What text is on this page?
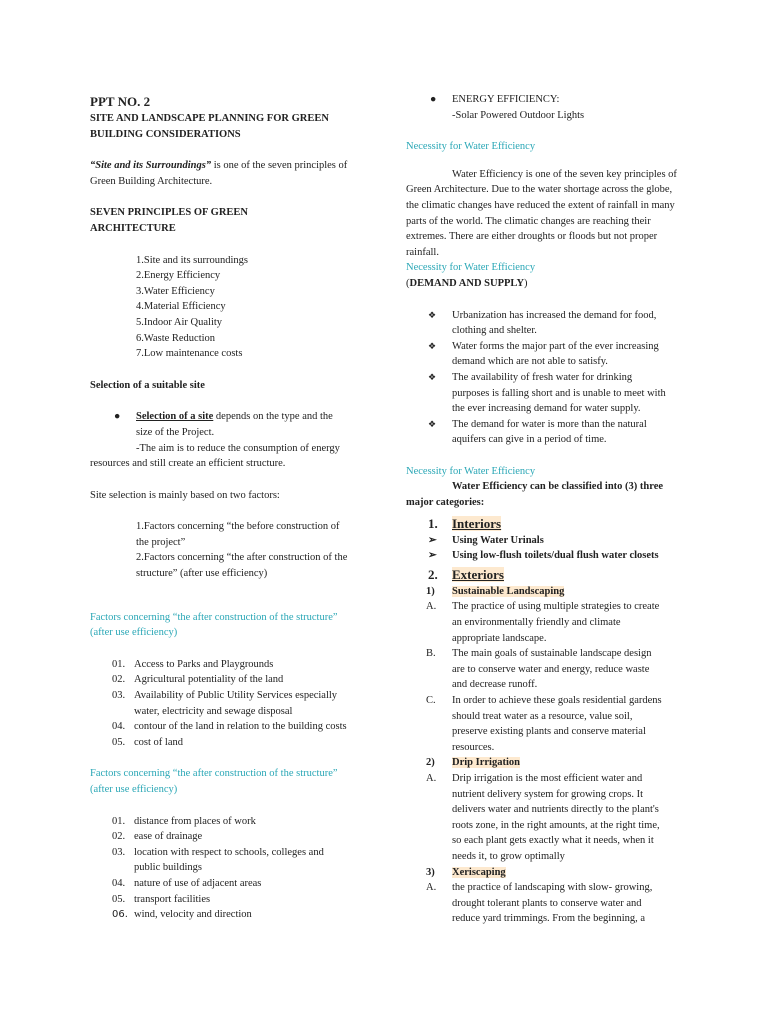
PPT NO. 2

SITE AND LANDSCAPE PLANNING FOR GREEN

BUILDING CONSIDERATIONS

“Site and its Surroundings” is one of the seven principles of

Green Building Architecture.

SEVEN PRINCIPLES OF GREEN

ARCHITECTURE

1.Site and its surroundings
2.Energy Efficiency
3.Water Efficiency
4.Material Efficiency
5.Indoor Air Quality
6.Waste Reduction
7.Low maintenance costs

Selection of a suitable site

● Selection of a site depends on the type and the
size of the Project.
-The aim is to reduce the consumption of energy

resources and still create an efficient structure.

Site selection is mainly based on two factors:

1.Factors concerning “the before construction of
the project”
2.Factors concerning “the after construction of the
structure” (after use efficiency)

Factors concerning “the after construction of the structure”

(after use efficiency)

01. Access to Parks and Playgrounds
02. Agricultural potentiality of the land
03. Availability of Public Utility Services especially
water, electricity and sewage disposal
04. contour of the land in relation to the building costs
05. cost of land

Factors concerning “the after construction of the structure”

(after use efficiency)

01. distance from places of work
02. ease of drainage
03. location with respect to schools, colleges and
public buildings
04. nature of use of adjacent areas
05. transport facilities
06. wind, velocity and direction
● ENERGY EFFICIENCY:
-Solar Powered Outdoor Lights

Necessity for Water Efficiency

Water Efficiency is one of the seven key principles of
Green Architecture. Due to the water shortage across the globe,
the climatic changes have reduced the extent of rainfall in many
parts of the world. The climatic changes are reaching their
extremes. There are either droughts or floods but not proper
rainfall.

Necessity for Water Efficiency

(DEMAND AND SUPPLY)

❖ Urbanization has increased the demand for food,
clothing and shelter.
❖ Water forms the major part of the ever increasing
demand which are not able to satisfy.
❖ The availability of fresh water for drinking
purposes is falling short and is unable to meet with
the ever increasing demand for water supply.
❖ The demand for water is more than the natural
aquifers can give in a period of time.

Necessity for Water Efficiency

Water Efficiency can be classified into (3) three

major categories:

1. Interiors
➢ Using Water Urinals
➢ Using low-flush toilets/dual flush water closets
2. Exteriors
1) Sustainable Landscaping
A. The practice of using multiple strategies to create
an environmentally friendly and climate
appropriate landscape.
B. The main goals of sustainable landscape design
are to conserve water and energy, reduce waste
and decrease runoff.
C. In order to achieve these goals residential gardens
should treat water as a resource, value soil,
preserve existing plants and conserve material
resources.
2) Drip Irrigation
A. Drip irrigation is the most efficient water and
nutrient delivery system for growing crops. It
delivers water and nutrients directly to the plant's
roots zone, in the right amounts, at the right time,
so each plant gets exactly what it needs, when it
needs it, to grow optimally
3) Xeriscaping
A. the practice of landscaping with slow- growing,
drought tolerant plants to conserve water and
reduce yard trimmings. From the beginning, a
